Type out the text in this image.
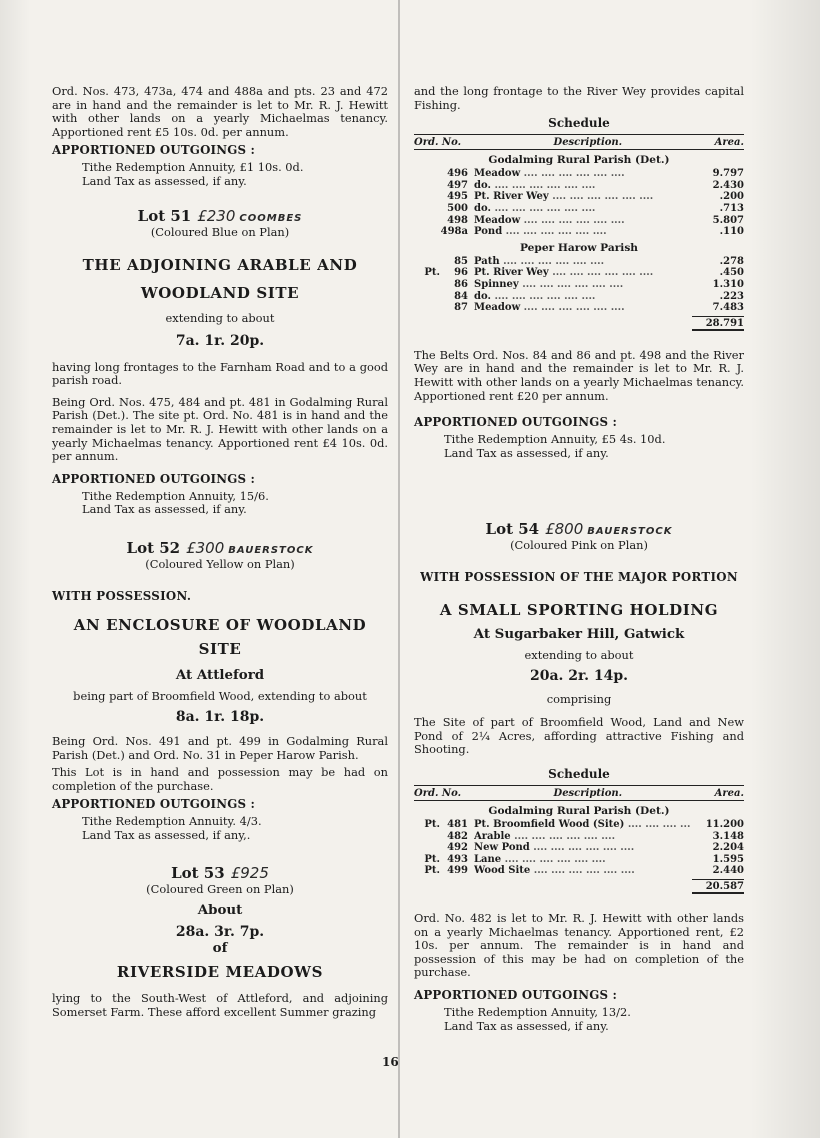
Ord. Nos. 473, 473a, 474 and 488a and pts. 23 and 472 are in hand and the remainder is let to Mr. R. J. Hewitt with other lands on a yearly Michaelmas tenancy. Apportioned rent £5 10s. 0d. per annum.

APPORTIONED OUTGOINGS :

Tithe Redemption Annuity, £1 10s. 0d.

Land Tax as assessed, if any.

Lot 51 £230 COOMBES

(Coloured Blue on Plan)

THE ADJOINING ARABLE AND

WOODLAND SITE

extending to about

7a. 1r. 20p.

having long frontages to the Farnham Road and to a good parish road.

Being Ord. Nos. 475, 484 and pt. 481 in Godalming Rural Parish (Det.). The site pt. Ord. No. 481 is in hand and the remainder is let to Mr. R. J. Hewitt with other lands on a yearly Michaelmas tenancy. Apportioned rent £4 10s. 0d. per annum.

APPORTIONED OUTGOINGS :

Tithe Redemption Annuity, 15/6.

Land Tax as assessed, if any.

Lot 52 £300 BAUERSTOCK

(Coloured Yellow on Plan)

WITH POSSESSION.

AN ENCLOSURE OF WOODLAND

SITE

At Attleford

being part of Broomfield Wood, extending to about

8a. 1r. 18p.

Being Ord. Nos. 491 and pt. 499 in Godalming Rural Parish (Det.) and Ord. No. 31 in Peper Harow Parish.

This Lot is in hand and possession may be had on completion of the purchase.

APPORTIONED OUTGOINGS :

Tithe Redemption Annuity. 4/3.

Land Tax as assessed, if any,.

Lot 53 £925

(Coloured Green on Plan)

About

28a. 3r. 7p.

of

RIVERSIDE MEADOWS

lying to the South-West of Attleford, and adjoining Somerset Farm. These afford excellent Summer grazing

and the long frontage to the River Wey provides capital Fishing.

Schedule

Ord. No.	Description.	Area.

Godalming Rural Parish (Det.)

496 Meadow ....	9.797
497 do. ....	2.430
495 Pt. River Wey ....	.200
500 do. ....	.713
498 Meadow ....	5.807
498a Pond ....	.110

Peper Harow Parish

85 Path ....	.278
Pt.	96 Pt. River Wey ....	.450
86 Spinney ....	1.310
84 do. ....	.223
87 Meadow ....	7.483
28.791

The Belts Ord. Nos. 84 and 86 and pt. 498 and the River Wey are in hand and the remainder is let to Mr. R. J. Hewitt with other lands on a yearly Michaelmas tenancy. Apportioned rent £20 per annum.

APPORTIONED OUTGOINGS :

Tithe Redemption Annuity, £5 4s. 10d.

Land Tax as assessed, if any.

Lot 54 £800 BAUERSTOCK

(Coloured Pink on Plan)

WITH POSSESSION OF THE MAJOR PORTION

A SMALL SPORTING HOLDING

At Sugarbaker Hill, Gatwick

extending to about

20a. 2r. 14p.

comprising

The Site of part of Broomfield Wood, Land and New Pond of 2¼ Acres, affording attractive Fishing and Shooting.

Schedule

Ord. No.	Description.	Area.

Godalming Rural Parish (Det.)

Pt. 481 Pt. Broomfield Wood (Site) ....	11.200
482 Arable ....	3.148
492 New Pond ....	2.204
Pt. 493 Lane ....	1.595
Pt. 499 Wood Site ....	2.440
20.587

Ord. No. 482 is let to Mr. R. J. Hewitt with other lands on a yearly Michaelmas tenancy. Apportioned rent, £2 10s. per annum. The remainder is in hand and possession of this may be had on completion of the purchase.

APPORTIONED OUTGOINGS :

Tithe Redemption Annuity, 13/2.

Land Tax as assessed, if any.

16
